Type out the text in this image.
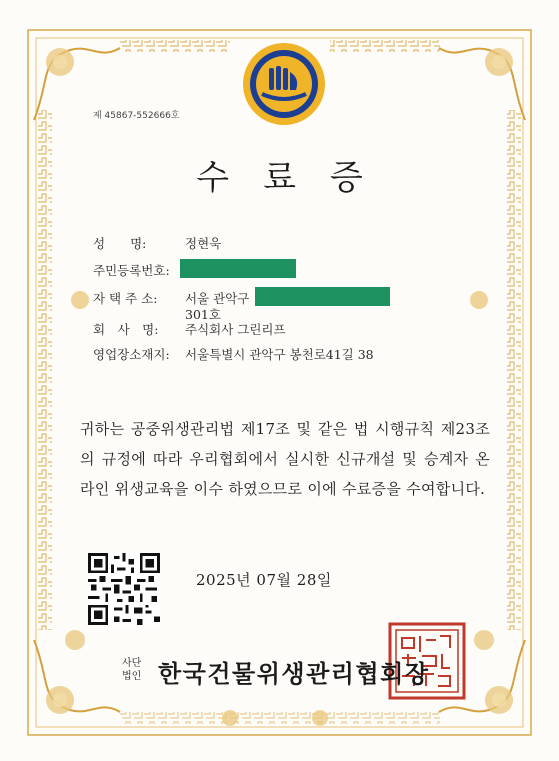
제 45867-552666호
수료증
성　　명:	정현욱
주민등록번호:
자 택 주 소: 서울 관악구
301호
회　사　명: 주식회사 그린리프
영업장소재지: 서울특별시 관악구 봉천로41길 38
귀하는 공중위생관리법 제17조 및 같은 법 시행규칙 제23조의 규정에 따라 우리협회에서 실시한 신규개설 및 승계자 온라인 위생교육을 이수 하였으므로 이에 수료증을 수여합니다.
2025년 07월 28일
사단
법인 한국건물위생관리협회장
